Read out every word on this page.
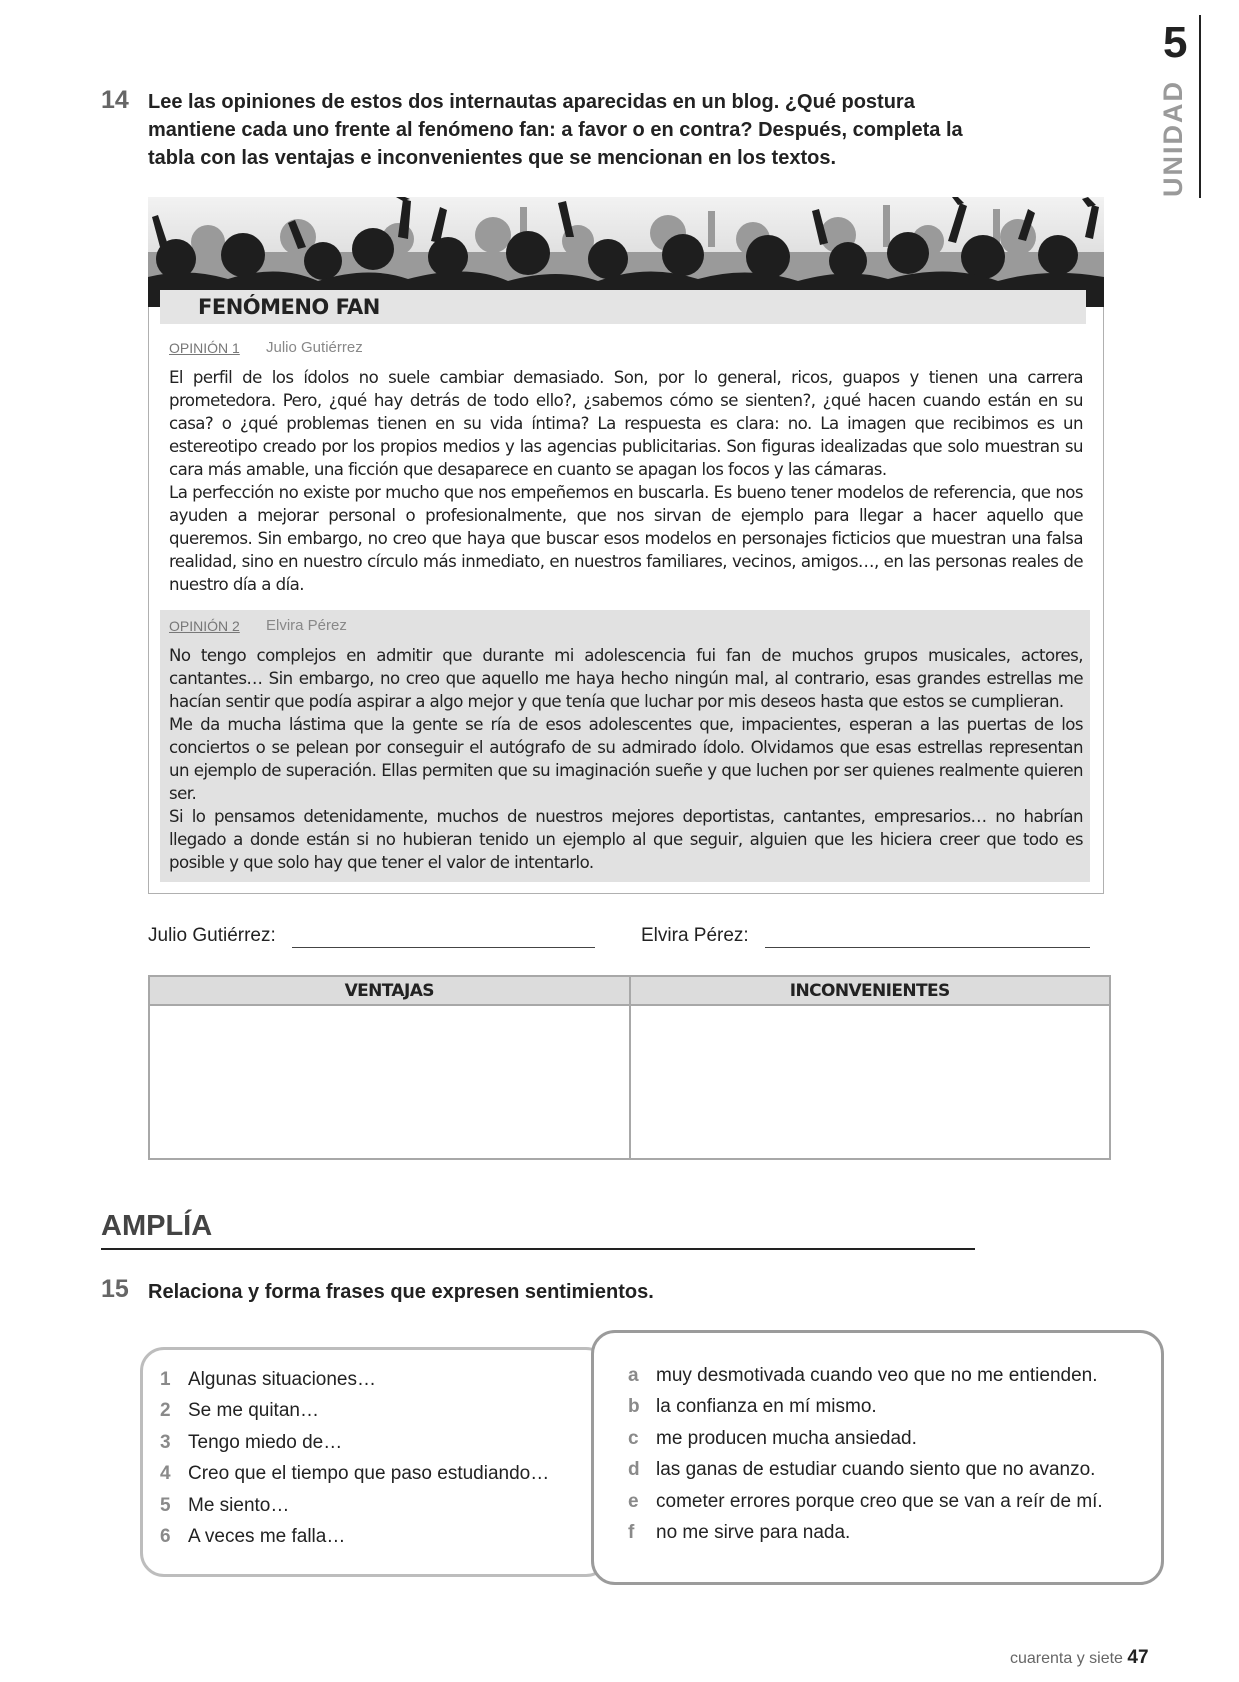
5
UNIDAD
14 Lee las opiniones de estos dos internautas aparecidas en un blog. ¿Qué postura mantiene cada uno frente al fenómeno fan: a favor o en contra? Después, completa la tabla con las ventajas e inconvenientes que se mencionan en los textos.
FENÓMENO FAN
OPINIÓN 1 Julio Gutiérrez

El perfil de los ídolos no suele cambiar demasiado. Son, por lo general, ricos, guapos y tienen una carrera prometedora. Pero, ¿qué hay detrás de todo ello?, ¿sabemos cómo se sienten?, ¿qué hacen cuando están en su casa? o ¿qué problemas tienen en su vida íntima? La respuesta es clara: no. La imagen que recibimos es un estereotipo creado por los propios medios y las agencias publicitarias. Son figuras idealizadas que solo muestran su cara más amable, una ficción que desaparece en cuanto se apagan los focos y las cámaras.

La perfección no existe por mucho que nos empeñemos en buscarla. Es bueno tener modelos de referencia, que nos ayuden a mejorar personal o profesionalmente, que nos sirvan de ejemplo para llegar a hacer aquello que queremos. Sin embargo, no creo que haya que buscar esos modelos en personajes ficticios que muestran una falsa realidad, sino en nuestro círculo más inmediato, en nuestros familiares, vecinos, amigos…, en las personas reales de nuestro día a día.

OPINIÓN 2 Elvira Pérez

No tengo complejos en admitir que durante mi adolescencia fui fan de muchos grupos musicales, actores, cantantes… Sin embargo, no creo que aquello me haya hecho ningún mal, al contrario, esas grandes estrellas me hacían sentir que podía aspirar a algo mejor y que tenía que luchar por mis deseos hasta que estos se cumplieran.

Me da mucha lástima que la gente se ría de esos adolescentes que, impacientes, esperan a las puertas de los conciertos o se pelean por conseguir el autógrafo de su admirado ídolo. Olvidamos que esas estrellas representan un ejemplo de superación. Ellas permiten que su imaginación sueñe y que luchen por ser quienes realmente quieren ser.

Si lo pensamos detenidamente, muchos de nuestros mejores deportistas, cantantes, empresarios… no habrían llegado a donde están si no hubieran tenido un ejemplo al que seguir, alguien que les hiciera creer que todo es posible y que solo hay que tener el valor de intentarlo.

Julio Gutiérrez:	Elvira Pérez:
VENTAJAS	INCONVENIENTES

AMPLÍA
15 Relaciona y forma frases que expresen sentimientos.
1 Algunas situaciones…
2 Se me quitan…
3 Tengo miedo de…
4 Creo que el tiempo que paso estudiando…
5 Me siento…
6 A veces me falla…
a muy desmotivada cuando veo que no me entienden.
b la confianza en mí mismo.
c me producen mucha ansiedad.
d las ganas de estudiar cuando siento que no avanzo.
e cometer errores porque creo que se van a reír de mí.
f no me sirve para nada.
cuarenta y siete 47
